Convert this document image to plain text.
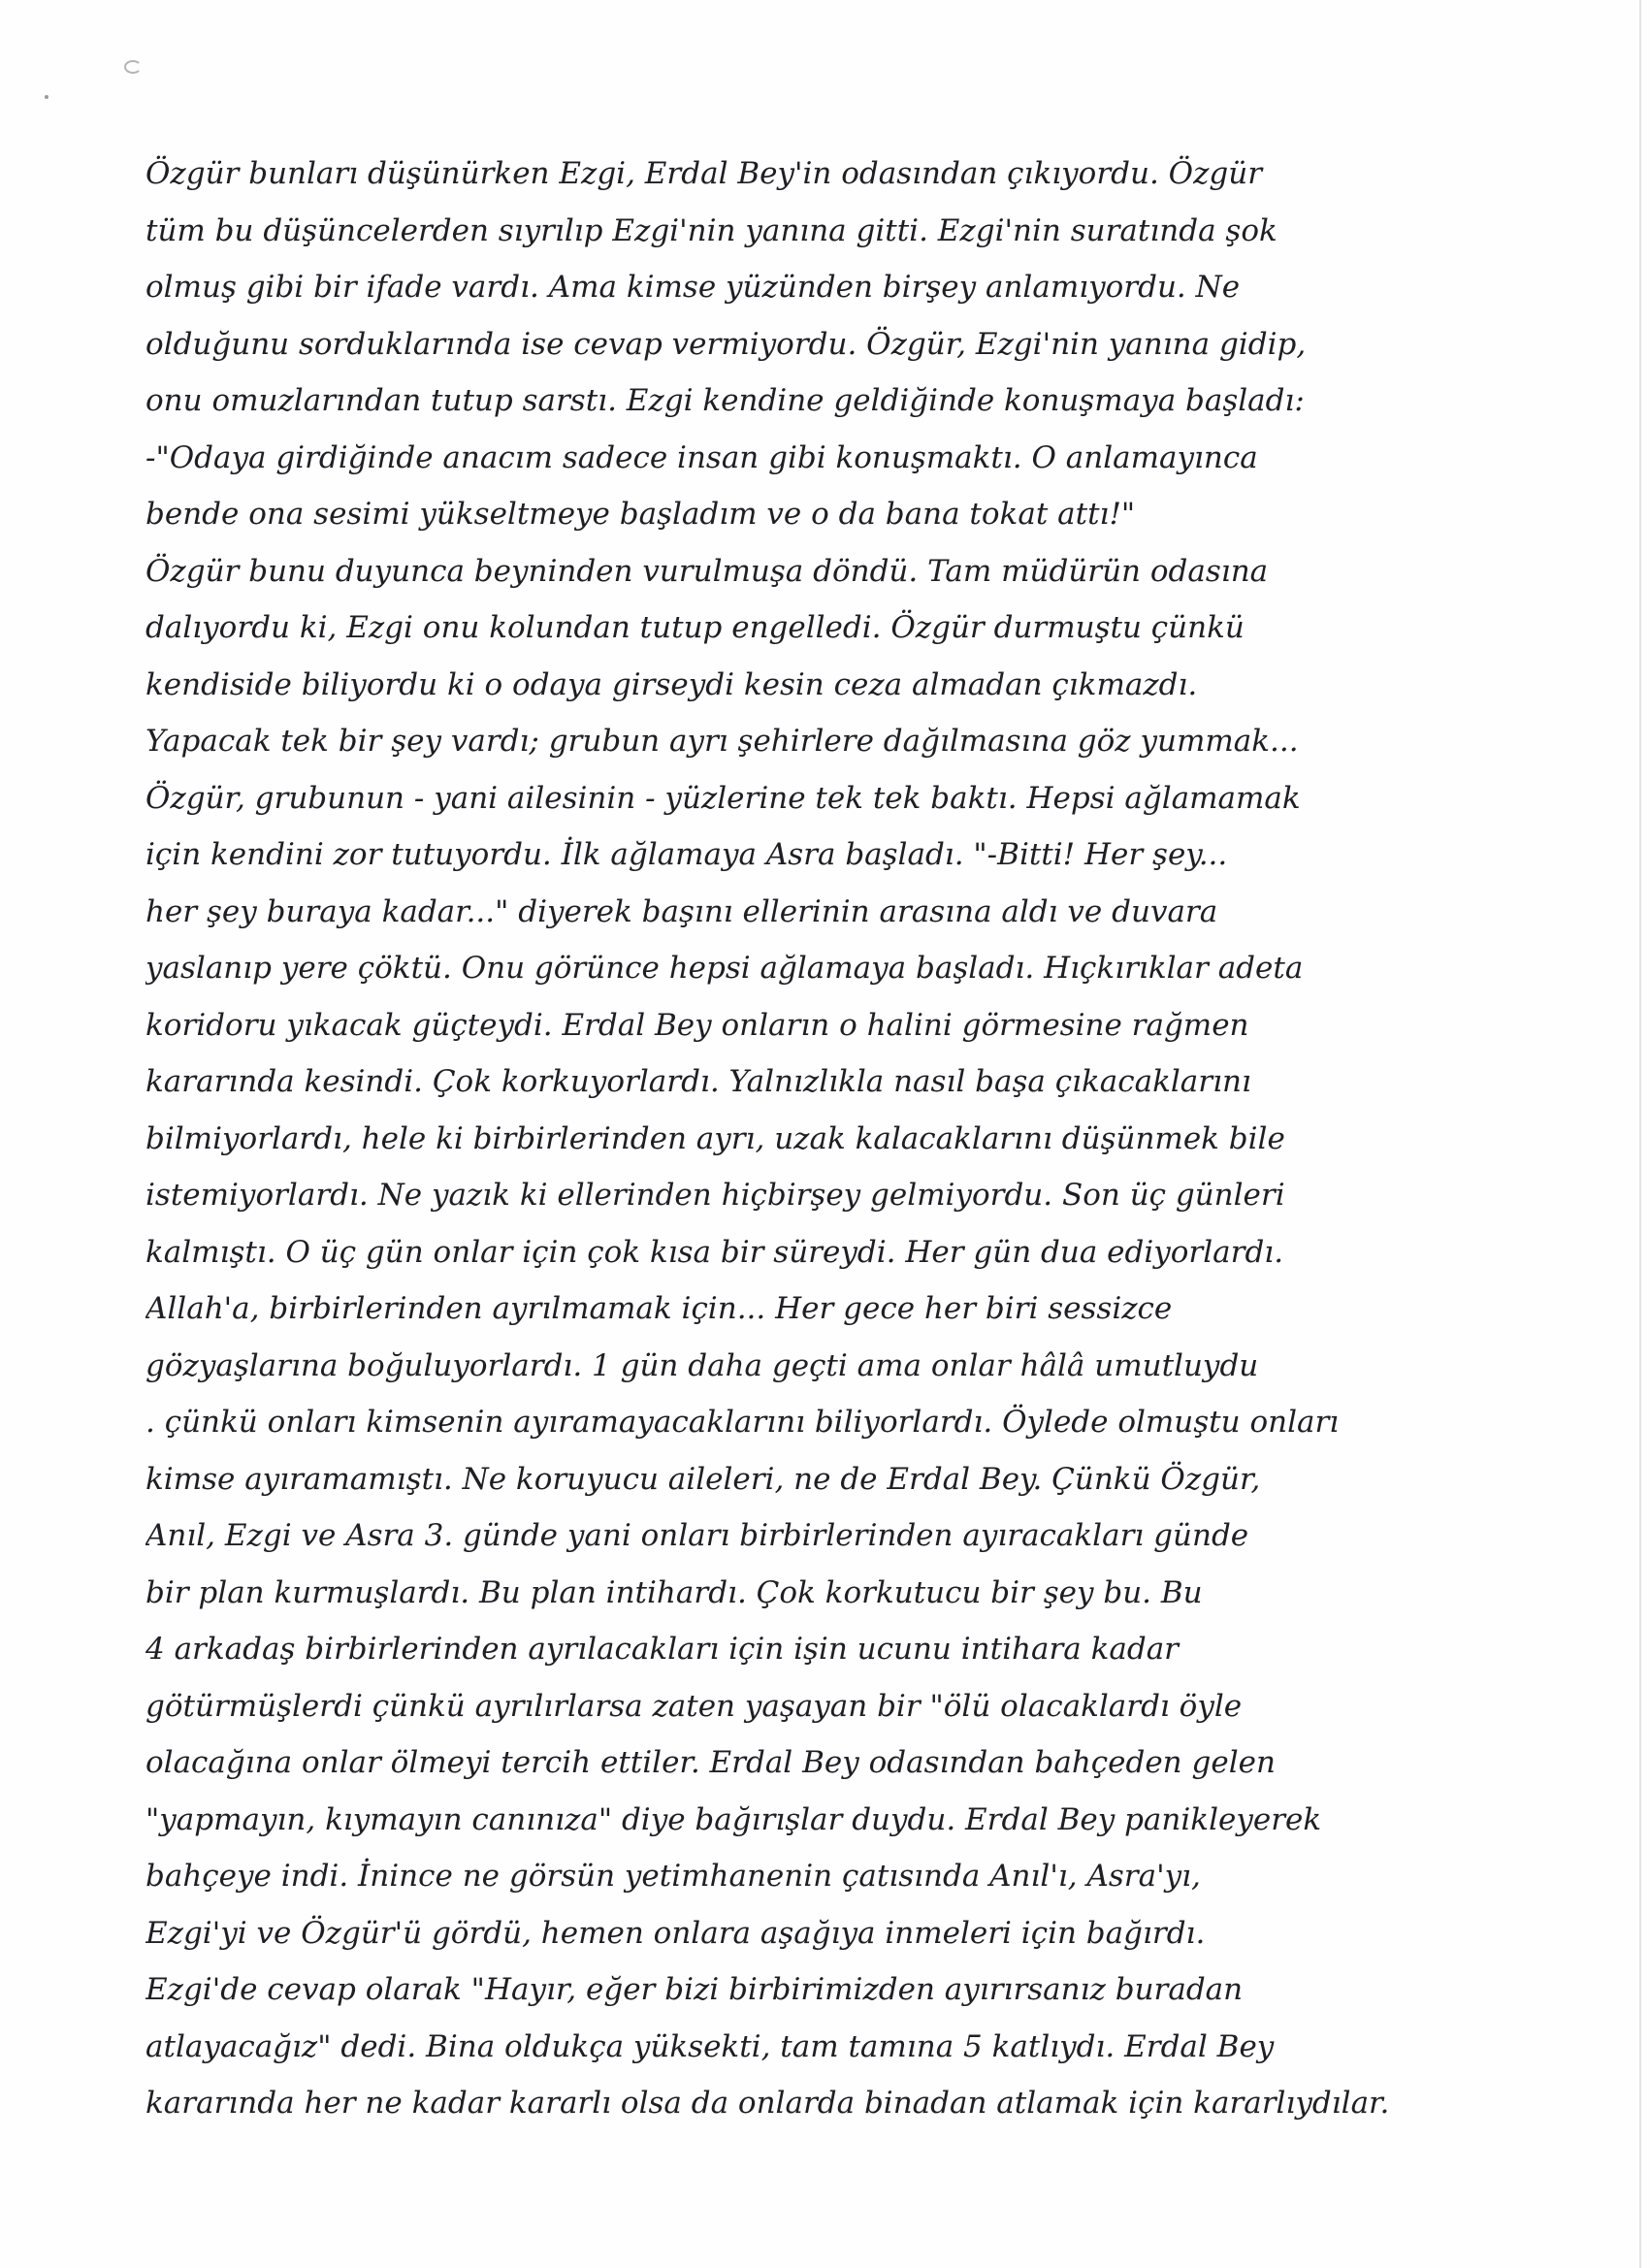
Özgür bunları düşünürken Ezgi, Erdal Bey'in odasından çıkıyordu. Özgür
tüm bu düşüncelerden sıyrılıp Ezgi'nin yanına gitti. Ezgi'nin suratında şok
olmuş gibi bir ifade vardı. Ama kimse yüzünden birşey anlamıyordu. Ne
olduğunu sorduklarında ise cevap vermiyordu. Özgür, Ezgi'nin yanına gidip,
onu omuzlarından tutup sarstı. Ezgi kendine geldiğinde konuşmaya başladı:
-"Odaya girdiğinde anacım sadece insan gibi konuşmaktı. O anlamayınca
bende ona sesimi yükseltmeye başladım ve o da bana tokat attı!"
Özgür bunu duyunca beyninden vurulmuşa döndü. Tam müdürün odasına
dalıyordu ki, Ezgi onu kolundan tutup engelledi. Özgür durmuştu çünkü
kendiside biliyordu ki o odaya girseydi kesin ceza almadan çıkmazdı.
Yapacak tek bir şey vardı; grubun ayrı şehirlere dağılmasına göz yummak...
Özgür, grubunun - yani ailesinin - yüzlerine tek tek baktı. Hepsi ağlamamak
için kendini zor tutuyordu. İlk ağlamaya Asra başladı. "-Bitti! Her şey...
her şey buraya kadar..." diyerek başını ellerinin arasına aldı ve duvara
yaslanıp yere çöktü. Onu görünce hepsi ağlamaya başladı. Hıçkırıklar adeta
koridoru yıkacak güçteydi. Erdal Bey onların o halini görmesine rağmen
kararında kesindi. Çok korkuyorlardı. Yalnızlıkla nasıl başa çıkacaklarını
bilmiyorlardı, hele ki birbirlerinden ayrı, uzak kalacaklarını düşünmek bile
istemiyorlardı. Ne yazık ki ellerinden hiçbirşey gelmiyordu. Son üç günleri
kalmıştı. O üç gün onlar için çok kısa bir süreydi. Her gün dua ediyorlardı.
Allah'a, birbirlerinden ayrılmamak için... Her gece her biri sessizce
gözyaşlarına boğuluyorlardı. 1 gün daha geçti ama onlar hâlâ umutluydu
. çünkü onları kimsenin ayıramayacaklarını biliyorlardı. Öylede olmuştu onları
kimse ayıramamıştı. Ne koruyucu aileleri, ne de Erdal Bey. Çünkü Özgür,
Anıl, Ezgi ve Asra 3. günde yani onları birbirlerinden ayıracakları günde
bir plan kurmuşlardı. Bu plan intihardı. Çok korkutucu bir şey bu. Bu
4 arkadaş birbirlerinden ayrılacakları için işin ucunu intihara kadar
götürmüşlerdi çünkü ayrılırlarsa zaten yaşayan bir "ölü olacaklardı öyle
olacağına onlar ölmeyi tercih ettiler. Erdal Bey odasından bahçeden gelen
"yapmayın, kıymayın canınıza" diye bağırışlar duydu. Erdal Bey panikleyerek
bahçeye indi. İnince ne görsün yetimhanenin çatısında Anıl'ı, Asra'yı,
Ezgi'yi ve Özgür'ü gördü, hemen onlara aşağıya inmeleri için bağırdı.
Ezgi'de cevap olarak "Hayır, eğer bizi birbirimizden ayırırsanız buradan
atlayacağız" dedi. Bina oldukça yüksekti, tam tamına 5 katlıydı. Erdal Bey
kararında her ne kadar kararlı olsa da onlarda binadan atlamak için kararlıydılar.
